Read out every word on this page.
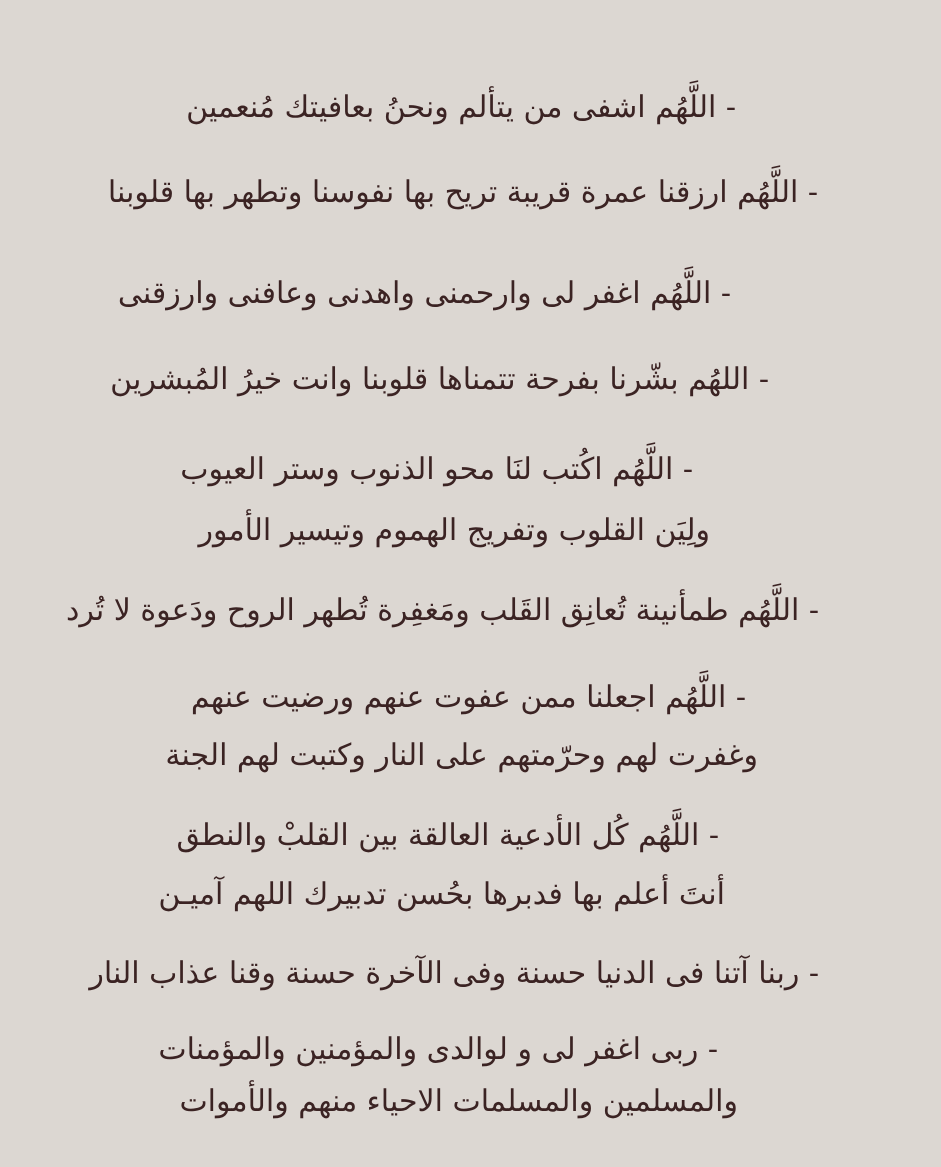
- اللَّهُم اشفى من يتألم ونحنُ بعافيتك مُنعمين
- اللَّهُم ارزقنا عمرة قريبة تريح بها نفوسنا وتطهر بها قلوبنا
- اللَّهُم اغفر لى وارحمنى واهدنى وعافنى وارزقنى
- اللهُم بشّرنا بفرحة تتمناها قلوبنا وانت خيرُ المُبشرين
- اللَّهُم اكُتب لنَا محو الذنوب وستر العيوب
ولِيَن القلوب وتفريج الهموم وتيسير الأمور
- اللَّهُم طمأنينة تُعانِق القَلب ومَغفِرة تُطهر الروح ودَعوة لا تُرد
- اللَّهُم اجعلنا ممن عفوت عنهم ورضيت عنهم
وغفرت لهم وحرّمتهم على النار وكتبت لهم الجنة
- اللَّهُم كُل الأدعية العالقة بين القلبْ والنطق
أنتَ أعلم بها فدبرها بحُسن تدبيرك اللهم آميـن
- ربنا آتنا فى الدنيا حسنة وفى الآخرة حسنة وقنا عذاب النار
- ربى اغفر لى و لوالدى والمؤمنين والمؤمنات
والمسلمين والمسلمات الاحياء منهم والأموات
